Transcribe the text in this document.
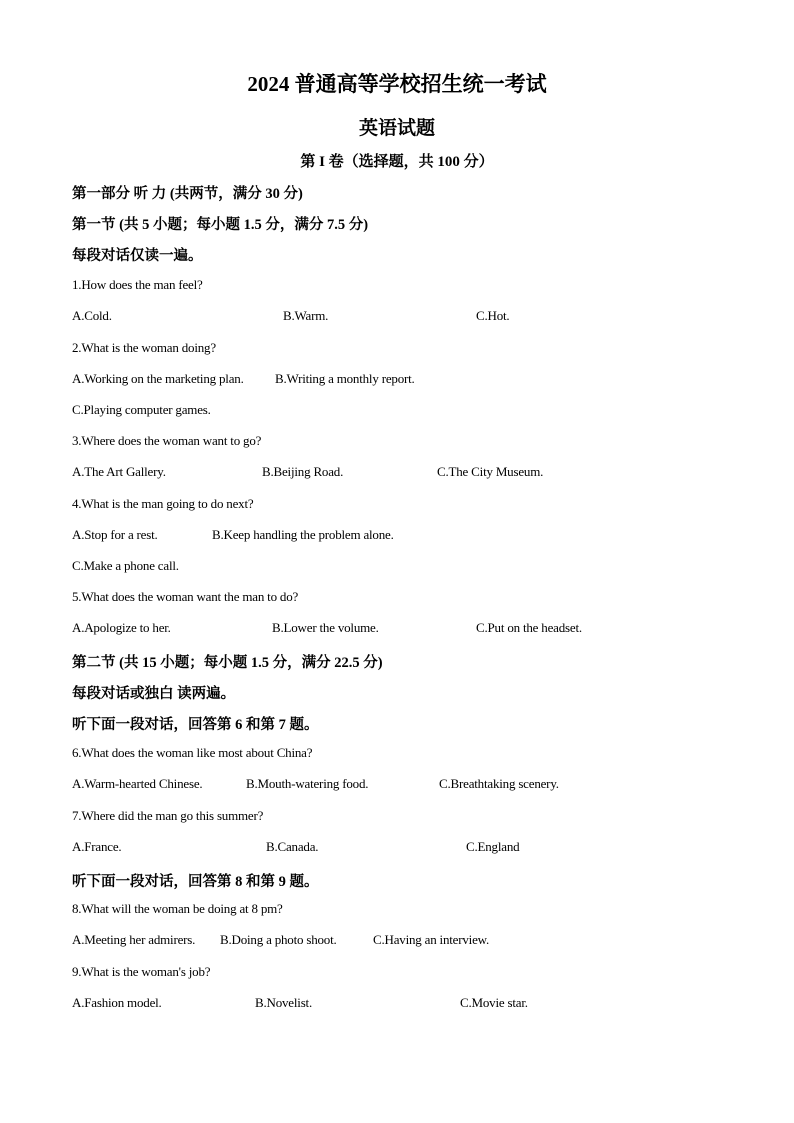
2024 普通高等学校招生统一考试
英语试题
第 I 卷（选择题，共 100 分）
第一部分 听 力 (共两节，满分 30 分)
第一节 (共 5 小题；每小题 1.5 分，满分 7.5 分)
每段对话仅读一遍。
1.How does the man feel?
A.Cold.	B.Warm.	C.Hot.
2.What is the woman doing?
A.Working on the marketing plan. B.Writing a monthly report.
C.Playing computer games.
3.Where does the woman want to go?
A.The Art Gallery.	B.Beijing Road.	C.The City Museum.
4.What is the man going to do next?
A.Stop for a rest.	B.Keep handling the problem alone.
C.Make a phone call.
5.What does the woman want the man to do?
A.Apologize to her.	B.Lower the volume.	C.Put on the headset.
第二节 (共 15 小题；每小题 1.5 分，满分 22.5 分)
每段对话或独白 读两遍。
听下面一段对话，回答第 6 和第 7 题。
6.What does the woman like most about China?
A.Warm-hearted Chinese.	B.Mouth-watering food.	C.Breathtaking scenery.
7.Where did the man go this summer?
A.France.	B.Canada.	C.England
听下面一段对话，回答第 8 和第 9 题。
8.What will the woman be doing at 8 pm?
A.Meeting her admirers. B.Doing a photo shoot.	C.Having an interview.
9.What is the woman's job?
A.Fashion model.	B.Novelist.	C.Movie star.
